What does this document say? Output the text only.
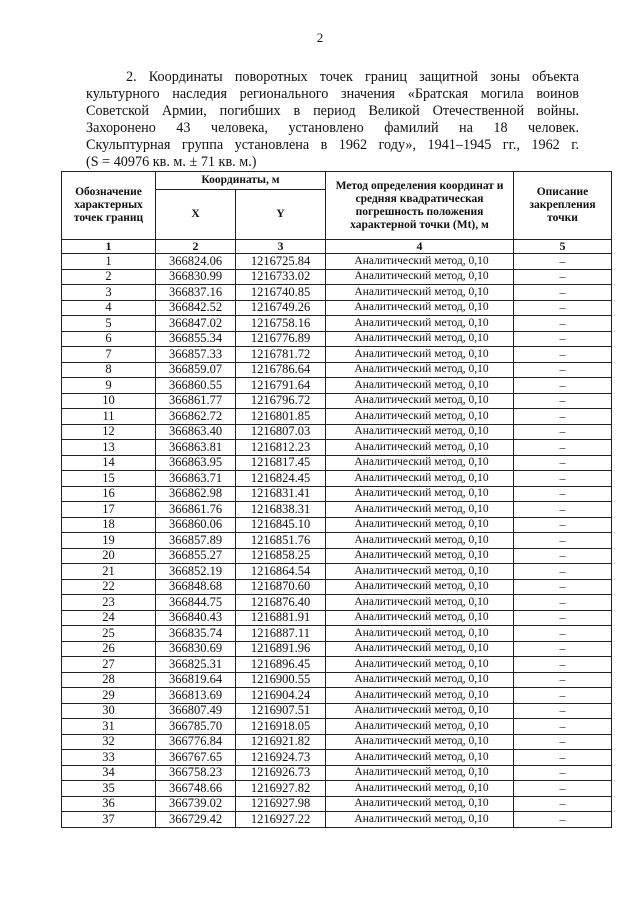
2
2. Координаты поворотных точек границ защитной зоны объекта
культурного наследия регионального значения «Братская могила воинов
Советской Армии, погибших в период Великой Отечественной войны.
Захоронено 43 человека, установлено фамилий на 18 человек.
Скульптурная группа установлена в 1962 году», 1941–1945 гг., 1962 г.
(S = 40976 кв. м. ± 71 кв. м.)
Обозначение характерных точек границ	Координаты, м		Метод определения координат и средняя квадратическая погрешность положения характерной точки (Mt), м	Описание закрепления точки
	X	Y		
1	2	3	4	5
1	366824.06	1216725.84	Аналитический метод, 0,10	–
2	366830.99	1216733.02	Аналитический метод, 0,10	–
3	366837.16	1216740.85	Аналитический метод, 0,10	–
4	366842.52	1216749.26	Аналитический метод, 0,10	–
5	366847.02	1216758.16	Аналитический метод, 0,10	–
6	366855.34	1216776.89	Аналитический метод, 0,10	–
7	366857.33	1216781.72	Аналитический метод, 0,10	–
8	366859.07	1216786.64	Аналитический метод, 0,10	–
9	366860.55	1216791.64	Аналитический метод, 0,10	–
10	366861.77	1216796.72	Аналитический метод, 0,10	–
11	366862.72	1216801.85	Аналитический метод, 0,10	–
12	366863.40	1216807.03	Аналитический метод, 0,10	–
13	366863.81	1216812.23	Аналитический метод, 0,10	–
14	366863.95	1216817.45	Аналитический метод, 0,10	–
15	366863.71	1216824.45	Аналитический метод, 0,10	–
16	366862.98	1216831.41	Аналитический метод, 0,10	–
17	366861.76	1216838.31	Аналитический метод, 0,10	–
18	366860.06	1216845.10	Аналитический метод, 0,10	–
19	366857.89	1216851.76	Аналитический метод, 0,10	–
20	366855.27	1216858.25	Аналитический метод, 0,10	–
21	366852.19	1216864.54	Аналитический метод, 0,10	–
22	366848.68	1216870.60	Аналитический метод, 0,10	–
23	366844.75	1216876.40	Аналитический метод, 0,10	–
24	366840.43	1216881.91	Аналитический метод, 0,10	–
25	366835.74	1216887.11	Аналитический метод, 0,10	–
26	366830.69	1216891.96	Аналитический метод, 0,10	–
27	366825.31	1216896.45	Аналитический метод, 0,10	–
28	366819.64	1216900.55	Аналитический метод, 0,10	–
29	366813.69	1216904.24	Аналитический метод, 0,10	–
30	366807.49	1216907.51	Аналитический метод, 0,10	–
31	366785.70	1216918.05	Аналитический метод, 0,10	–
32	366776.84	1216921.82	Аналитический метод, 0,10	–
33	366767.65	1216924.73	Аналитический метод, 0,10	–
34	366758.23	1216926.73	Аналитический метод, 0,10	–
35	366748.66	1216927.82	Аналитический метод, 0,10	–
36	366739.02	1216927.98	Аналитический метод, 0,10	–
37	366729.42	1216927.22	Аналитический метод, 0,10	–
